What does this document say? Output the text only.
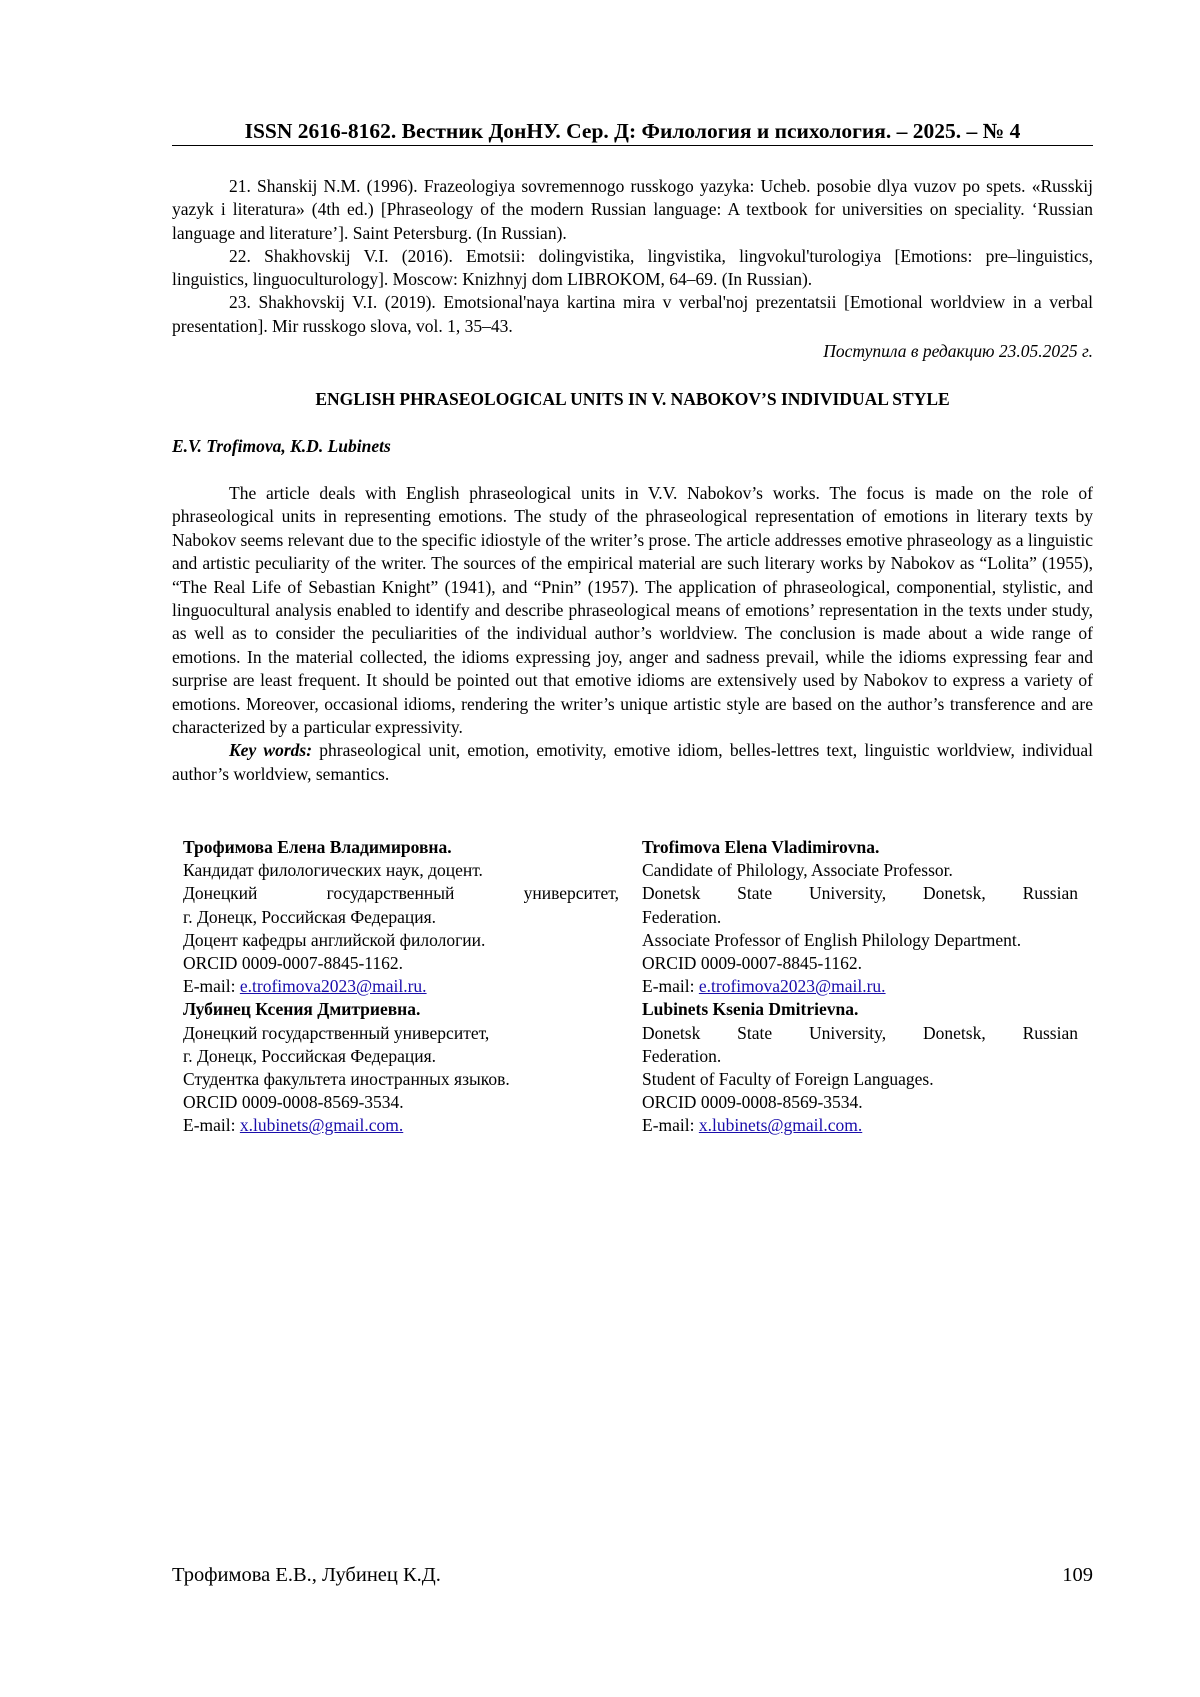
ISSN 2616-8162. Вестник ДонНУ. Сер. Д: Филология и психология. – 2025. – № 4

21. Shanskij N.M. (1996). Frazeologiya sovremennogo russkogo yazyka: Ucheb. posobie dlya vuzov po spets. «Russkij yazyk i literatura» (4th ed.) [Phraseology of the modern Russian language: A textbook for universities on speciality. ‘Russian language and literature’]. Saint Petersburg. (In Russian).

22. Shakhovskij V.I. (2016). Emotsii: dolingvistika, lingvistika, lingvokul'turologiya [Emotions: pre–linguistics, linguistics, linguoculturology]. Moscow: Knizhnyj dom LIBROKOM, 64–69. (In Russian).

23. Shakhovskij V.I. (2019). Emotsional'naya kartina mira v verbal'noj prezentatsii [Emotional worldview in a verbal presentation]. Mir russkogo slova, vol. 1, 35–43.

Поступила в редакцию 23.05.2025 г.
ENGLISH PHRASEOLOGICAL UNITS IN V. NABOKOV’S INDIVIDUAL STYLE
E.V. Trofimova, K.D. Lubinets

The article deals with English phraseological units in V.V. Nabokov’s works. The focus is made on the role of phraseological units in representing emotions. The study of the phraseological representation of emotions in literary texts by Nabokov seems relevant due to the specific idiostyle of the writer’s prose. The article addresses emotive phraseology as a linguistic and artistic peculiarity of the writer. The sources of the empirical material are such literary works by Nabokov as “Lolita” (1955), “The Real Life of Sebastian Knight” (1941), and “Pnin” (1957). The application of phraseological, componential, stylistic, and linguocultural analysis enabled to identify and describe phraseological means of emotions’ representation in the texts under study, as well as to consider the peculiarities of the individual author’s worldview. The conclusion is made about a wide range of emotions. In the material collected, the idioms expressing joy, anger and sadness prevail, while the idioms expressing fear and surprise are least frequent. It should be pointed out that emotive idioms are extensively used by Nabokov to express a variety of emotions. Moreover, occasional idioms, rendering the writer’s unique artistic style are based on the author’s transference and are characterized by a particular expressivity.

Key words: phraseological unit, emotion, emotivity, emotive idiom, belles-lettres text, linguistic worldview, individual author’s worldview, semantics.

Трофимова Елена Владимировна.
Кандидат филологических наук, доцент.
Донецкий государственный университет,
г. Донецк, Российская Федерация.
Доцент кафедры английской филологии.
ORCID 0009-0007-8845-1162.
E-mail: e.trofimova2023@mail.ru.
Лубинец Ксения Дмитриевна.
Донецкий государственный университет,
г. Донецк, Российская Федерация.
Студентка факультета иностранных языков.
ORCID 0009-0008-8569-3534.
E-mail: x.lubinets@gmail.com.
Trofimova Elena Vladimirovna.
Candidate of Philology, Associate Professor.
Donetsk State University, Donetsk, Russian
Federation.
Associate Professor of English Philology Department.
ORCID 0009-0007-8845-1162.
E-mail: e.trofimova2023@mail.ru.
Lubinets Ksenia Dmitrievna.
Donetsk State University, Donetsk, Russian
Federation.
Student of Faculty of Foreign Languages.
ORCID 0009-0008-8569-3534.
E-mail: x.lubinets@gmail.com.
Трофимова Е.В., Лубинец К.Д.	109
